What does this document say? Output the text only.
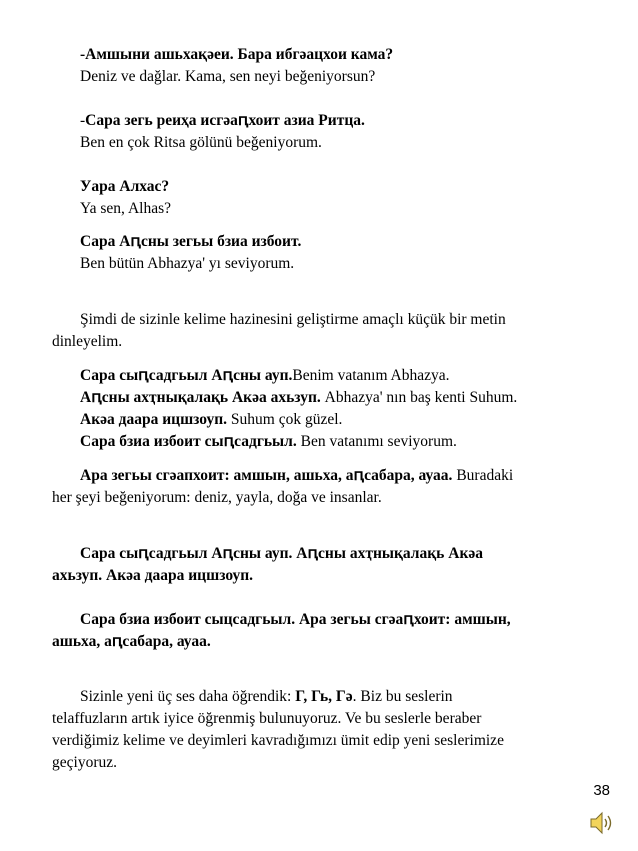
-Амшыни ашьхақәеи. Бара ибгәацхои кама?
Deniz ve dağlar. Kama, sen neyi beğeniyorsun?
-Сара зегь реиҳа исгәаԥхоит азиа Ритца.
Ben en çok Ritsa gölünü beğeniyorum.
Уара Алхас?
Ya sen, Alhas?
Сара Аԥсны зегьы бзиа избоит.
Ben bütün Abhazya' yı seviyorum.
Şimdi de sizinle kelime hazinesini geliştirme amaçlı küçük bir metin
dinleyelim.
Сара сыԥсадгьыл Аԥсны ауп.Benim vatanım Abhazya.
Аԥсны ахҭнықалақь Акәа ахьзуп. Abhazya' nın baş kenti Suhum.
Акәа даара ицшзоуп. Suhum çok güzel.
Сара бзиа избоит сыԥсадгьыл. Ben vatanımı seviyorum.
Ара зегьы сгәапхоит: амшын, ашьха, аԥсабара, ауаа. Buradaki
her şeyi beğeniyorum: deniz, yayla, doğa ve insanlar.
Сара сыԥсадгьыл Аԥсны ауп. Аԥсны ахҭнықалақь Акәа
ахьзуп. Акәа даара ицшзоуп.
Сара бзиа избоит сыцсадгьыл. Ара зегьы сгәаԥхоит: амшын,
ашьха, аԥсабара, ауаа.
Sizinle yeni üç ses daha öğrendik: Г, Гь, Гә. Biz bu seslerin
telaffuzların artık iyice öğrenmiş bulunuyoruz. Ve bu seslerle beraber
verdiğimiz kelime ve deyimleri kavradığımızı ümit edip yeni seslerimize
geçiyoruz.
38
